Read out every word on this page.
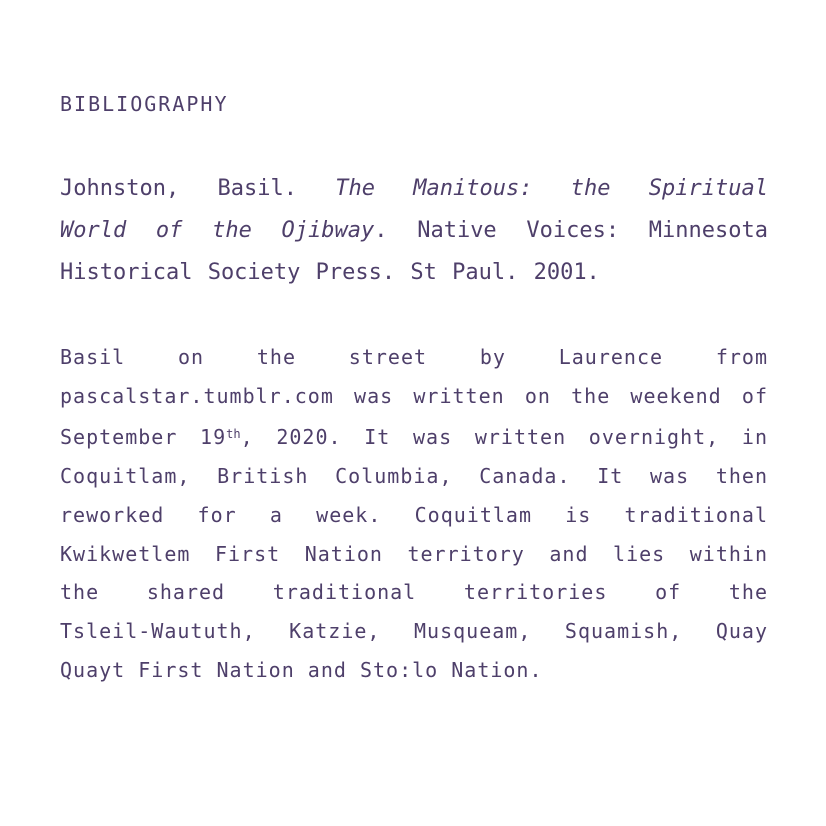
BIBLIOGRAPHY
Johnston, Basil. The Manitous: the Spiritual
World of the Ojibway. Native Voices: Minnesota
Historical Society Press. St Paul. 2001.
Basil on the street by Laurence from
pascalstar.tumblr.com was written on the weekend of
September 19th, 2020. It was written overnight, in
Coquitlam, British Columbia, Canada. It was then
reworked for a week. Coquitlam is traditional
Kwikwetlem First Nation territory and lies within
the shared traditional territories of the
Tsleil-Waututh, Katzie, Musqueam, Squamish, Quay
Quayt First Nation and Sto:lo Nation.
